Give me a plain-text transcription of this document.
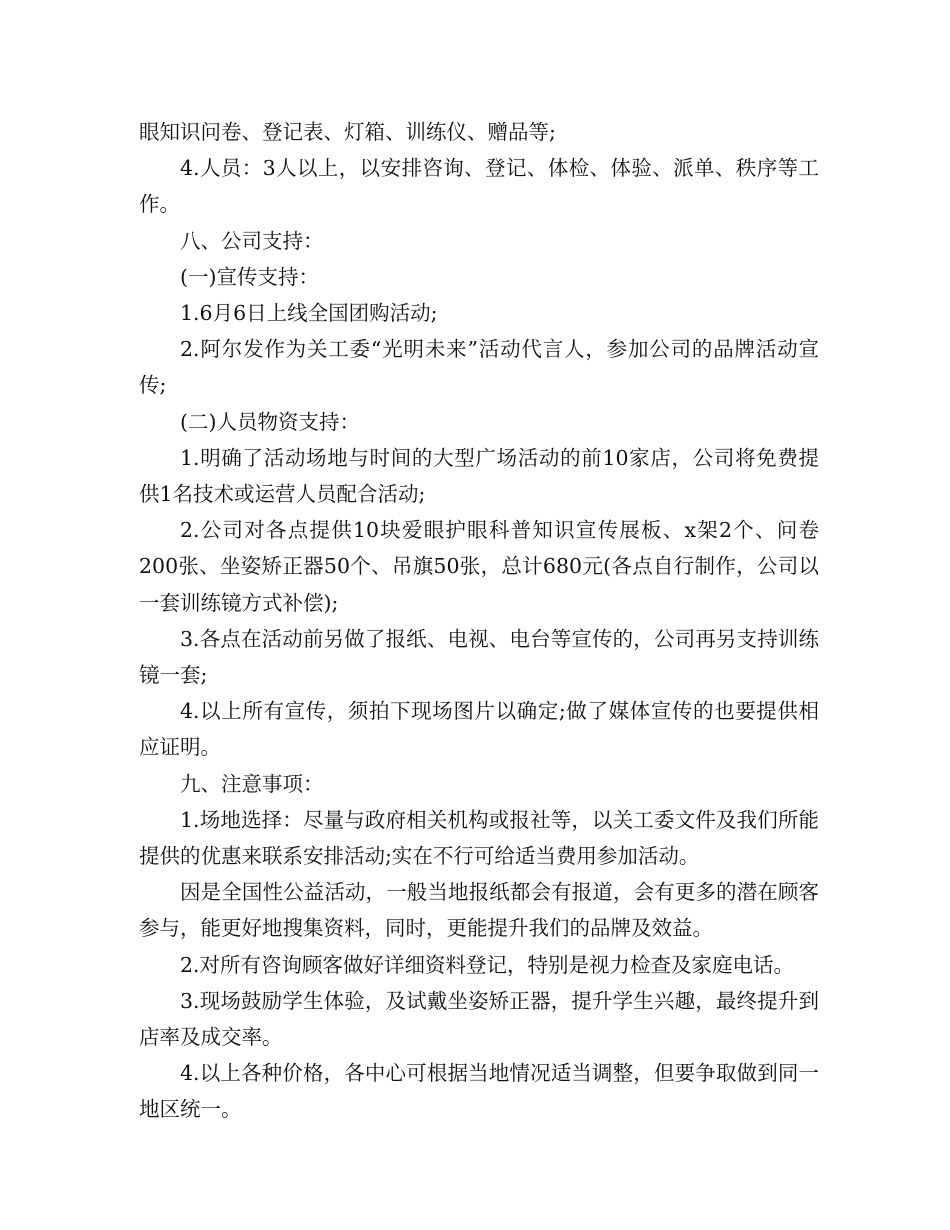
眼知识问卷、登记表、灯箱、训练仪、赠品等;

4.人员：3人以上，以安排咨询、登记、体检、体验、派单、秩序等工作。

八、公司支持：

(一)宣传支持：

1.6月6日上线全国团购活动;

2.阿尔发作为关工委“光明未来”活动代言人，参加公司的品牌活动宣传;

(二)人员物资支持：

1.明确了活动场地与时间的大型广场活动的前10家店，公司将免费提供1名技术或运营人员配合活动;

2.公司对各点提供10块爱眼护眼科普知识宣传展板、x架2个、问卷200张、坐姿矫正器50个、吊旗50张，总计680元(各点自行制作，公司以一套训练镜方式补偿);

3.各点在活动前另做了报纸、电视、电台等宣传的，公司再另支持训练镜一套;

4.以上所有宣传，须拍下现场图片以确定;做了媒体宣传的也要提供相应证明。

九、注意事项：

1.场地选择：尽量与政府相关机构或报社等，以关工委文件及我们所能提供的优惠来联系安排活动;实在不行可给适当费用参加活动。

因是全国性公益活动，一般当地报纸都会有报道，会有更多的潜在顾客参与，能更好地搜集资料，同时，更能提升我们的品牌及效益。

2.对所有咨询顾客做好详细资料登记，特别是视力检查及家庭电话。

3.现场鼓励学生体验，及试戴坐姿矫正器，提升学生兴趣，最终提升到店率及成交率。

4.以上各种价格，各中心可根据当地情况适当调整，但要争取做到同一地区统一。
